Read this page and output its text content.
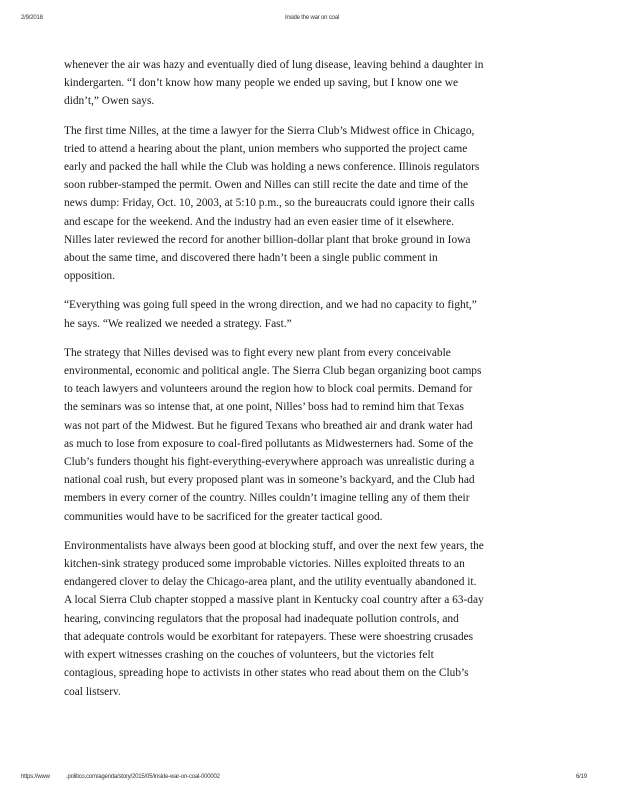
2/9/2018	Inside the war on coal

whenever the air was hazy and eventually died of lung disease, leaving behind a daughter in
kindergarten. “I don’t know how many people we ended up saving, but I know one we
didn’t,” Owen says.

The first time Nilles, at the time a lawyer for the Sierra Club’s Midwest office in Chicago,
tried to attend a hearing about the plant, union members who supported the project came
early and packed the hall while the Club was holding a news conference. Illinois regulators
soon rubber-stamped the permit. Owen and Nilles can still recite the date and time of the
news dump: Friday, Oct. 10, 2003, at 5:10 p.m., so the bureaucrats could ignore their calls
and escape for the weekend. And the industry had an even easier time of it elsewhere.
Nilles later reviewed the record for another billion-dollar plant that broke ground in Iowa
about the same time, and discovered there hadn’t been a single public comment in
opposition.

“Everything was going full speed in the wrong direction, and we had no capacity to fight,”
he says. “We realized we needed a strategy. Fast.”

The strategy that Nilles devised was to fight every new plant from every conceivable
environmental, economic and political angle. The Sierra Club began organizing boot camps
to teach lawyers and volunteers around the region how to block coal permits. Demand for
the seminars was so intense that, at one point, Nilles’ boss had to remind him that Texas
was not part of the Midwest. But he figured Texans who breathed air and drank water had
as much to lose from exposure to coal-fired pollutants as Midwesterners had. Some of the
Club’s funders thought his fight-everything-everywhere approach was unrealistic during a
national coal rush, but every proposed plant was in someone’s backyard, and the Club had
members in every corner of the country. Nilles couldn’t imagine telling any of them their
communities would have to be sacrificed for the greater tactical good.

Environmentalists have always been good at blocking stuff, and over the next few years, the
kitchen-sink strategy produced some improbable victories. Nilles exploited threats to an
endangered clover to delay the Chicago-area plant, and the utility eventually abandoned it.
A local Sierra Club chapter stopped a massive plant in Kentucky coal country after a 63-day
hearing, convincing regulators that the proposal had inadequate pollution controls, and
that adequate controls would be exorbitant for ratepayers. These were shoestring crusades
with expert witnesses crashing on the couches of volunteers, but the victories felt
contagious, spreading hope to activists in other states who read about them on the Club’s
coal listserv.

https://www	.politico.com/agenda/story/2015/05/inside-war-on-coal-000002	6/19
